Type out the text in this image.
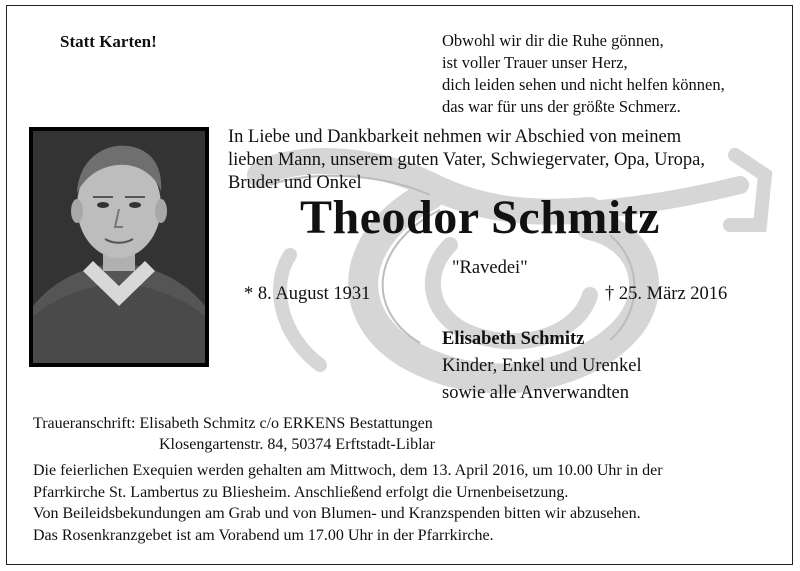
Statt Karten!	Obwohl wir dir die Ruhe gönnen,
ist voller Trauer unser Herz,
dich leiden sehen und nicht helfen können,
das war für uns der größte Schmerz.
In Liebe und Dankbarkeit nehmen wir Abschied von meinem
lieben Mann, unserem guten Vater, Schwiegervater, Opa, Uropa,
Bruder und Onkel
Theodor Schmitz
"Ravedei"
* 8. August 1931	† 25. März 2016
Elisabeth Schmitz
Kinder, Enkel und Urenkel
sowie alle Anverwandten
Traueranschrift: Elisabeth Schmitz c/o ERKENS Bestattungen
Klosengartenstr. 84, 50374 Erftstadt-Liblar
Die feierlichen Exequien werden gehalten am Mittwoch, dem 13. April 2016, um 10.00 Uhr in der
Pfarrkirche St. Lambertus zu Bliesheim. Anschließend erfolgt die Urnenbeisetzung.
Von Beileidsbekundungen am Grab und von Blumen- und Kranzspenden bitten wir abzusehen.
Das Rosenkranzgebet ist am Vorabend um 17.00 Uhr in der Pfarrkirche.
